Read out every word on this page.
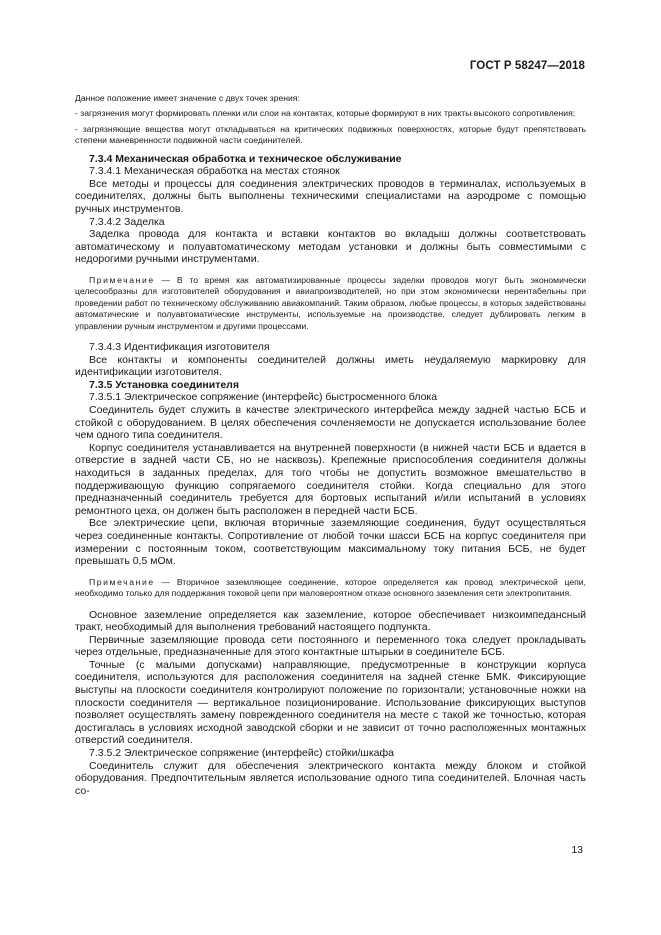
ГОСТ Р 58247—2018

Данное положение имеет значение с двух точек зрения:

- загрязнения могут формировать пленки или слои на контактах, которые формируют в них тракты высокого сопротивления;

- загрязняющие вещества могут откладываться на критических подвижных поверхностях, которые будут препятствовать степени маневренности подвижной части соединителей.

7.3.4 Механическая обработка и техническое обслуживание

7.3.4.1 Механическая обработка на местах стоянок

Все методы и процессы для соединения электрических проводов в терминалах, используемых в соединителях, должны быть выполнены техническими специалистами на аэродроме с помощью ручных инструментов.

7.3.4.2 Заделка

Заделка провода для контакта и вставки контактов во вкладыш должны соответствовать автоматическому и полуавтоматическому методам установки и должны быть совместимыми с недорогими ручными инструментами.

Примечание — В то время как автоматизированные процессы заделки проводов могут быть экономически целесообразны для изготовителей оборудования и авиапроизводителей, но при этом экономически нерентабельны при проведении работ по техническому обслуживанию авиакомпаний. Таким образом, любые процессы, в которых задействованы автоматические и полуавтоматические инструменты, используемые на производстве, следует дублировать легким в управлении ручным инструментом и другими процессами.

7.3.4.3 Идентификация изготовителя

Все контакты и компоненты соединителей должны иметь неудаляемую маркировку для идентификации изготовителя.

7.3.5 Установка соединителя

7.3.5.1 Электрическое сопряжение (интерфейс) быстросменного блока

Соединитель будет служить в качестве электрического интерфейса между задней частью БСБ и стойкой с оборудованием. В целях обеспечения сочленяемости не допускается использование более чем одного типа соединителя.

Корпус соединителя устанавливается на внутренней поверхности (в нижней части БСБ и вдается в отверстие в задней части СБ, но не насквозь). Крепежные приспособления соединителя должны находиться в заданных пределах, для того чтобы не допустить возможное вмешательство в поддерживающую функцию сопрягаемого соединителя стойки. Когда специально для этого предназначенный соединитель требуется для бортовых испытаний и/или испытаний в условиях ремонтного цеха, он должен быть расположен в передней части БСБ.

Все электрические цепи, включая вторичные заземляющие соединения, будут осуществляться через соединенные контакты. Сопротивление от любой точки шасси БСБ на корпус соединителя при измерении с постоянным током, соответствующим максимальному току питания БСБ, не будет превышать 0,5 мОм.

Примечание — Вторичное заземляющее соединение, которое определяется как провод электрической цепи, необходимо только для поддержания токовой цепи при маловероятном отказе основного заземления сети электропитания.

Основное заземление определяется как заземление, которое обеспечивает низкоимпедансный тракт, необходимый для выполнения требований настоящего подпункта.

Первичные заземляющие провода сети постоянного и переменного тока следует прокладывать через отдельные, предназначенные для этого контактные штырьки в соединителе БСБ.

Точные (с малыми допусками) направляющие, предусмотренные в конструкции корпуса соединителя, используются для расположения соединителя на задней стенке БМК. Фиксирующие выступы на плоскости соединителя контролируют положение по горизонтали; установочные ножки на плоскости соединителя — вертикальное позиционирование. Использование фиксирующих выступов позволяет осуществлять замену поврежденного соединителя на месте с такой же точностью, которая достигалась в условиях исходной заводской сборки и не зависит от точно расположенных монтажных отверстий соединителя.

7.3.5.2 Электрическое сопряжение (интерфейс) стойки/шкафа

Соединитель служит для обеспечения электрического контакта между блоком и стойкой оборудования. Предпочтительным является использование одного типа соединителей. Блочная часть со-

13
